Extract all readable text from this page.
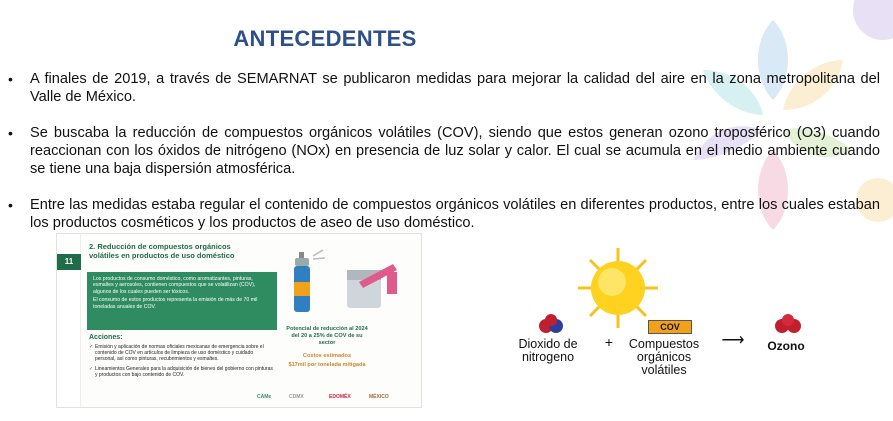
ANTECEDENTES

• A finales de 2019, a través de SEMARNAT se publicaron medidas para mejorar la calidad del aire en la zona metropolitana del Valle de México.

• Se buscaba la reducción de compuestos orgánicos volátiles (COV), siendo que estos generan ozono troposférico (O3) cuando reaccionan con los óxidos de nitrógeno (NOx) en presencia de luz solar y calor. El cual se acumula en el medio ambiente cuando se tiene una baja dispersión atmosférica.

• Entre las medidas estaba regular el contenido de compuestos orgánicos volátiles en diferentes productos, entre los cuales estaban los productos cosméticos y los productos de aseo de uso doméstico.

11
2. Reducción de compuestos orgánicos volátiles en productos de uso doméstico

Los productos de consumo doméstico, como aromatizantes, pinturas, esmaltes y aerosoles, contienen compuestos que se volatilizan (COV), algunos de los cuales pueden ser tóxicos.

El consumo de estos productos representa la emisión de más de 70 mil toneladas anuales de COV.

Acciones:

✓ Emisión y aplicación de normas oficiales mexicanas de emergencia sobre el contenido de COV en artículos de limpieza de uso doméstico y cuidado personal, así como pinturas, recubrimientos y esmaltes.

✓ Lineamientos Generales para la adquisición de bienes del gobierno con pinturas y productos con bajo contenido de COV.

Potencial de reducción al 2024 del 20 a 25% de COV de su sector
Costos estimados
$17mil por tonelada mitigada
CAMe	CDMX	EDOMÉX	MÉXICO
Dioxido de nitrogeno
+
COV
Compuestos orgánicos volátiles
⟶	Ozono
